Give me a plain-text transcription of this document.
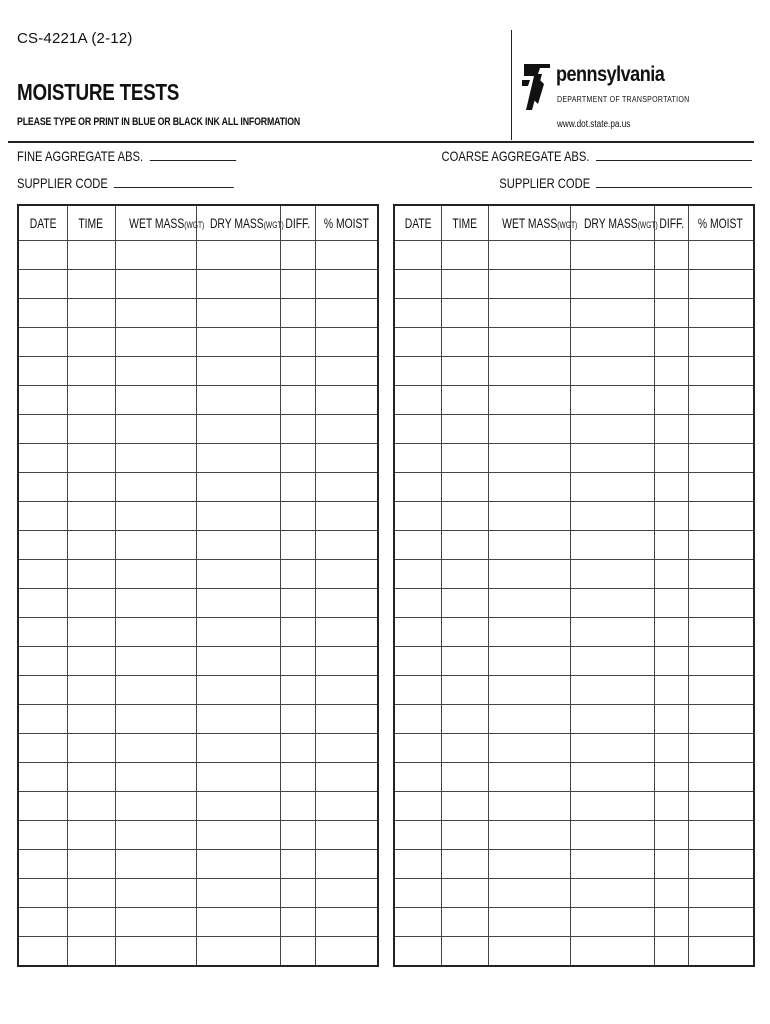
CS-4221A (2-12)
MOISTURE TESTS
PLEASE TYPE OR PRINT IN BLUE OR BLACK INK ALL INFORMATION
pennsylvania
DEPARTMENT OF TRANSPORTATION
www.dot.state.pa.us
FINE AGGREGATE ABS.
SUPPLIER CODE
COARSE AGGREGATE ABS.
SUPPLIER CODE
DATE	TIME	WET MASS(WGT)	DRY MASS(WGT)	DIFF.	% MOIST

						DATE	TIME	WET MASS(WGT)	DRY MASS(WGT)	DIFF.	% MOIST
